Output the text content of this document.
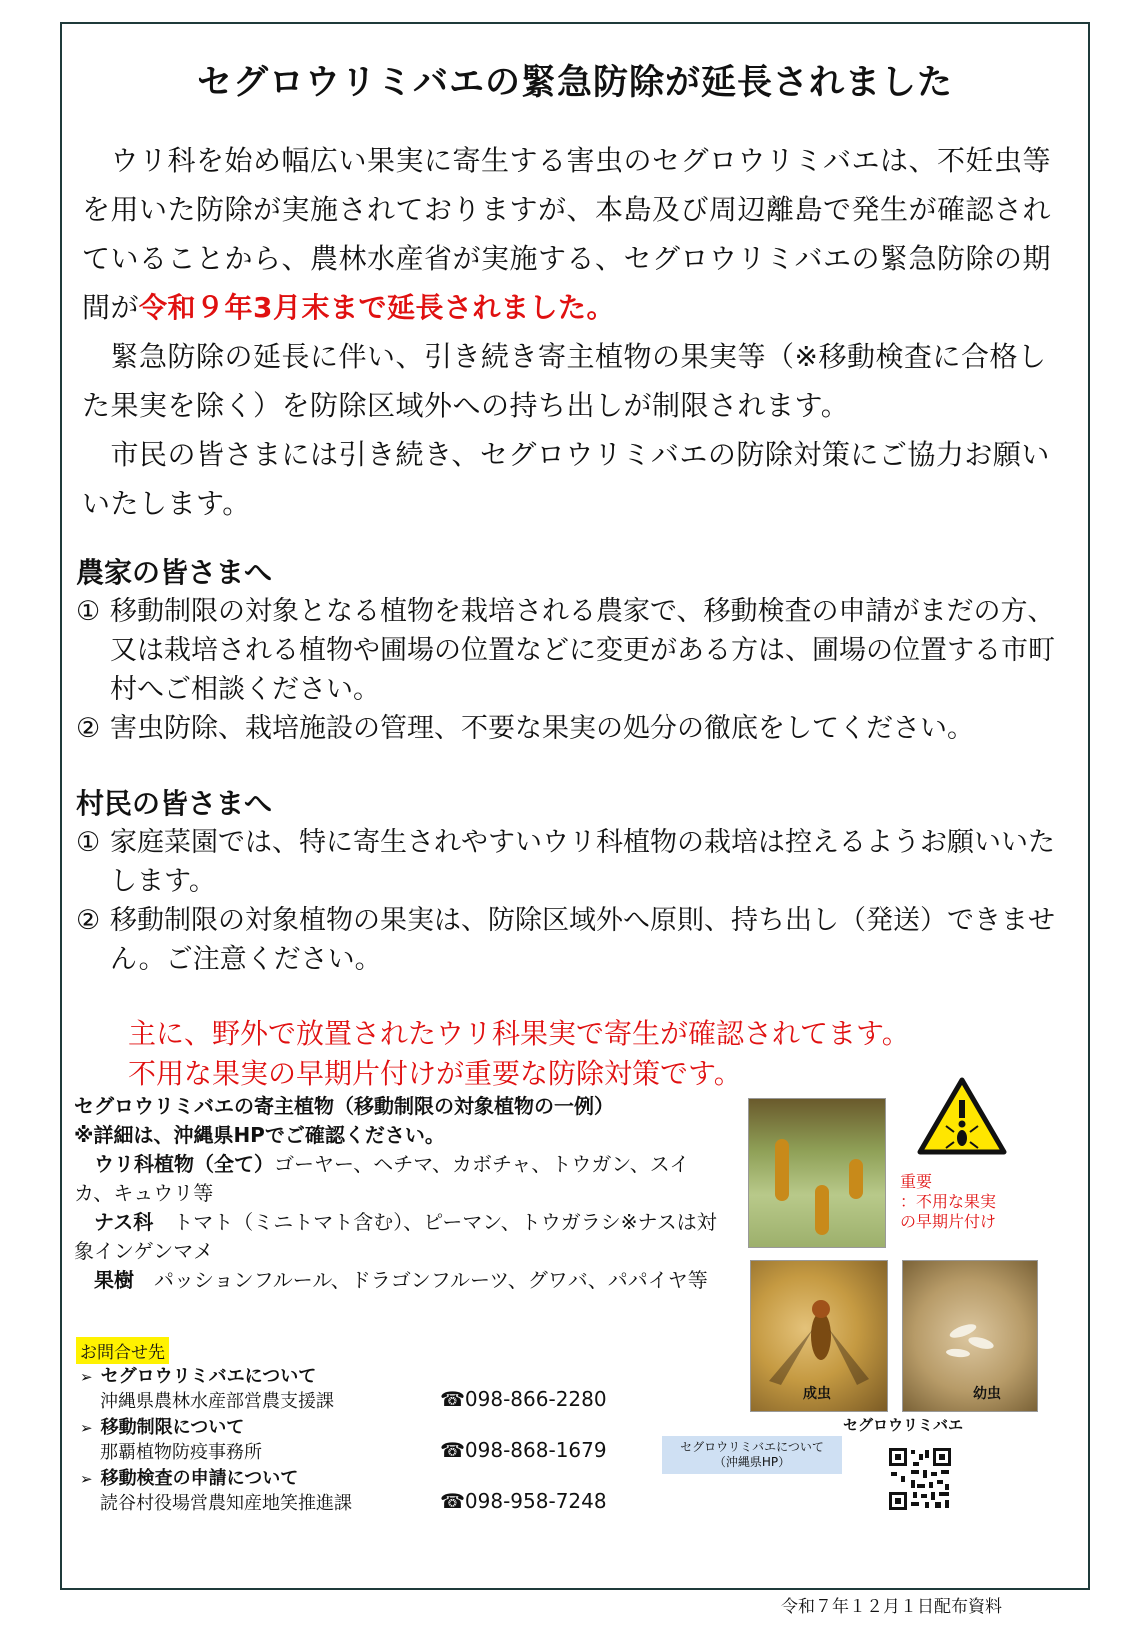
セグロウリミバエの緊急防除が延長されました

　ウリ科を始め幅広い果実に寄生する害虫のセグロウリミバエは、不妊虫等を用いた防除が実施されておりますが、本島及び周辺離島で発生が確認されていることから、農林水産省が実施する、セグロウリミバエの緊急防除の期間が令和９年3月末まで延長されました。

　緊急防除の延長に伴い、引き続き寄主植物の果実等（※移動検査に合格した果実を除く）を防除区域外への持ち出しが制限されます。

　市民の皆さまには引き続き、セグロウリミバエの防除対策にご協力お願いいたします。

農家の皆さまへ
① 移動制限の対象となる植物を栽培される農家で、移動検査の申請がまだの方、又は栽培される植物や圃場の位置などに変更がある方は、圃場の位置する市町村へご相談ください。
② 害虫防除、栽培施設の管理、不要な果実の処分の徹底をしてください。
村民の皆さまへ
① 家庭菜園では、特に寄生されやすいウリ科植物の栽培は控えるようお願いいたします。
② 移動制限の対象植物の果実は、防除区域外へ原則、持ち出し（発送）できません。ご注意ください。
主に、野外で放置されたウリ科果実で寄生が確認されてます。
不用な果実の早期片付けが重要な防除対策です。

セグロウリミバエの寄主植物（移動制限の対象植物の一例）

※詳細は、沖縄県HPでご確認ください。

　ウリ科植物（全て）ゴーヤー、ヘチマ、カボチャ、トウガン、スイカ、キュウリ等

　ナス科　 トマト（ミニトマト含む）、ピーマン、トウガラシ※ナスは対象インゲンマメ

　果樹　 パッションフルール、ドラゴンフルーツ、グワバ、パパイヤ等

お問合せ先
➢ セグロウリミバエについて
沖縄県農林水産部営農支援課	☎098-866-2280
➢ 移動制限について
那覇植物防疫事務所	☎098-868-1679
➢ 移動検査の申請について
読谷村役場営農知産地笑推進課	☎098-958-7248
重要
：不用な果実
の早期片付け
成虫	幼虫
セグロウリミバエ
セグロウリミバエについて
（沖縄県HP）
令和７年１２月１日配布資料
